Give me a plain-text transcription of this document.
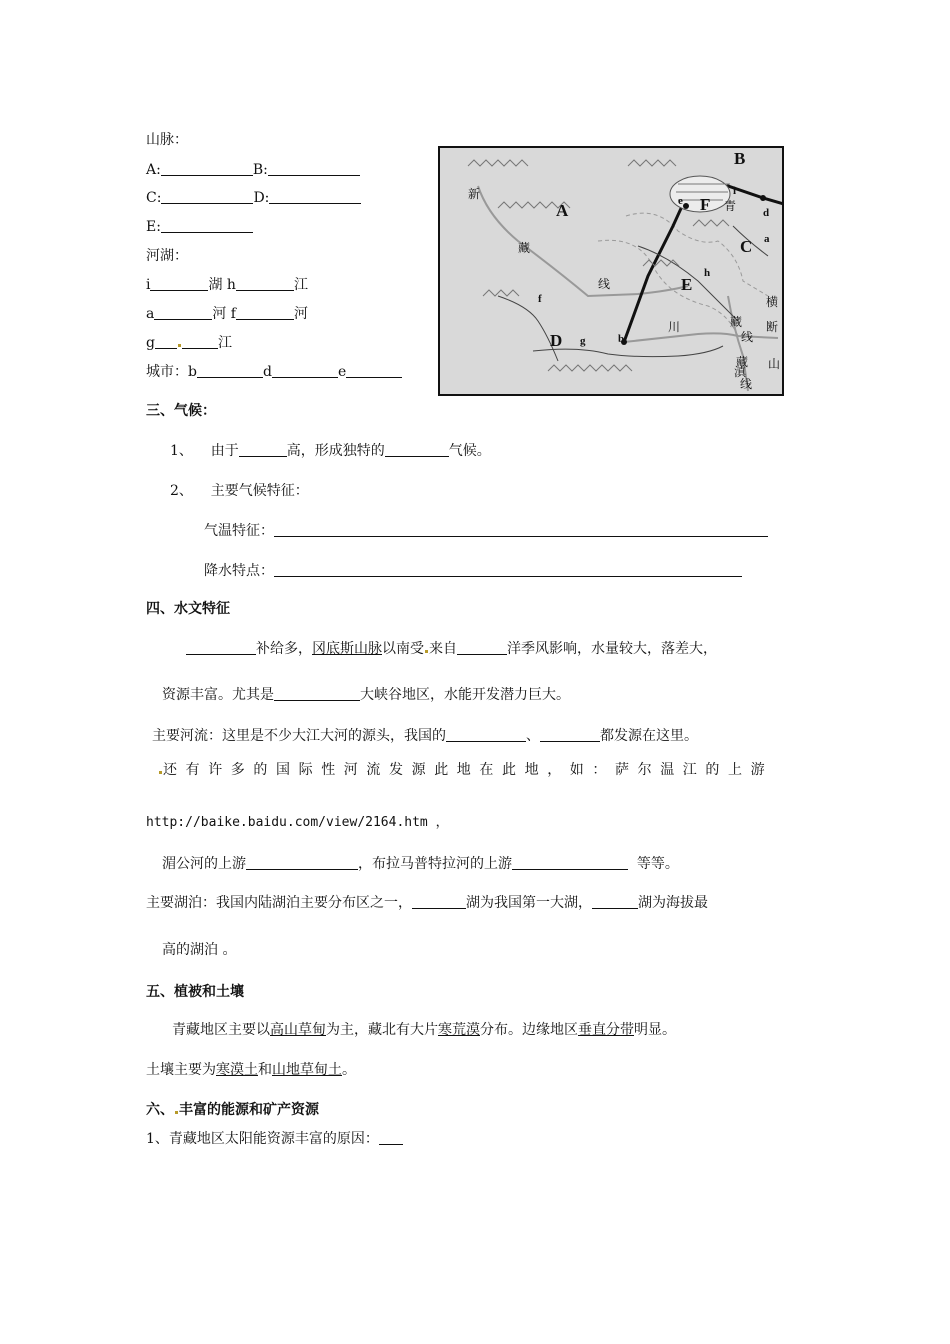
山脉：
A:	B:
C:	D:
E:
河湖：
i	湖 h	江
a	河 f	河
g	江
城市：b	d	e
A
B
C
D
E
F
a
b
d
e
f
g
h
i
新
藏
线
青
川	藏
线
横
断
山
滇
藏
线
三、气候：
1、 由于	高，形成独特的	气候。
2、 主要气候特征：
气温特征：
降水特点：
四、水文特征
补给多，冈底斯山脉以南受 来自	洋季风影响，水量较大，落差大，
资源丰富。尤其是	大峡谷地区，水能开发潜力巨大。
主要河流：这里是不少大江大河的源头，我国的	、	都发源在这里。
还有许多的国际性河流发源此地在此地，如：萨尔温江的上游
http://baike.baidu.com/view/2164.htm ，
湄公河的上游	，布拉马普特拉河的上游	等等。
主要湖泊：我国内陆湖泊主要分布区之一，	湖为我国第一大湖，	湖为海拔最
高的湖泊 。
五、植被和土壤
青藏地区主要以高山草甸为主，藏北有大片寒荒漠分布。边缘地区垂直分带明显。
土壤主要为寒漠土和山地草甸土。
六、 丰富的能源和矿产资源
1、青藏地区太阳能资源丰富的原因：
